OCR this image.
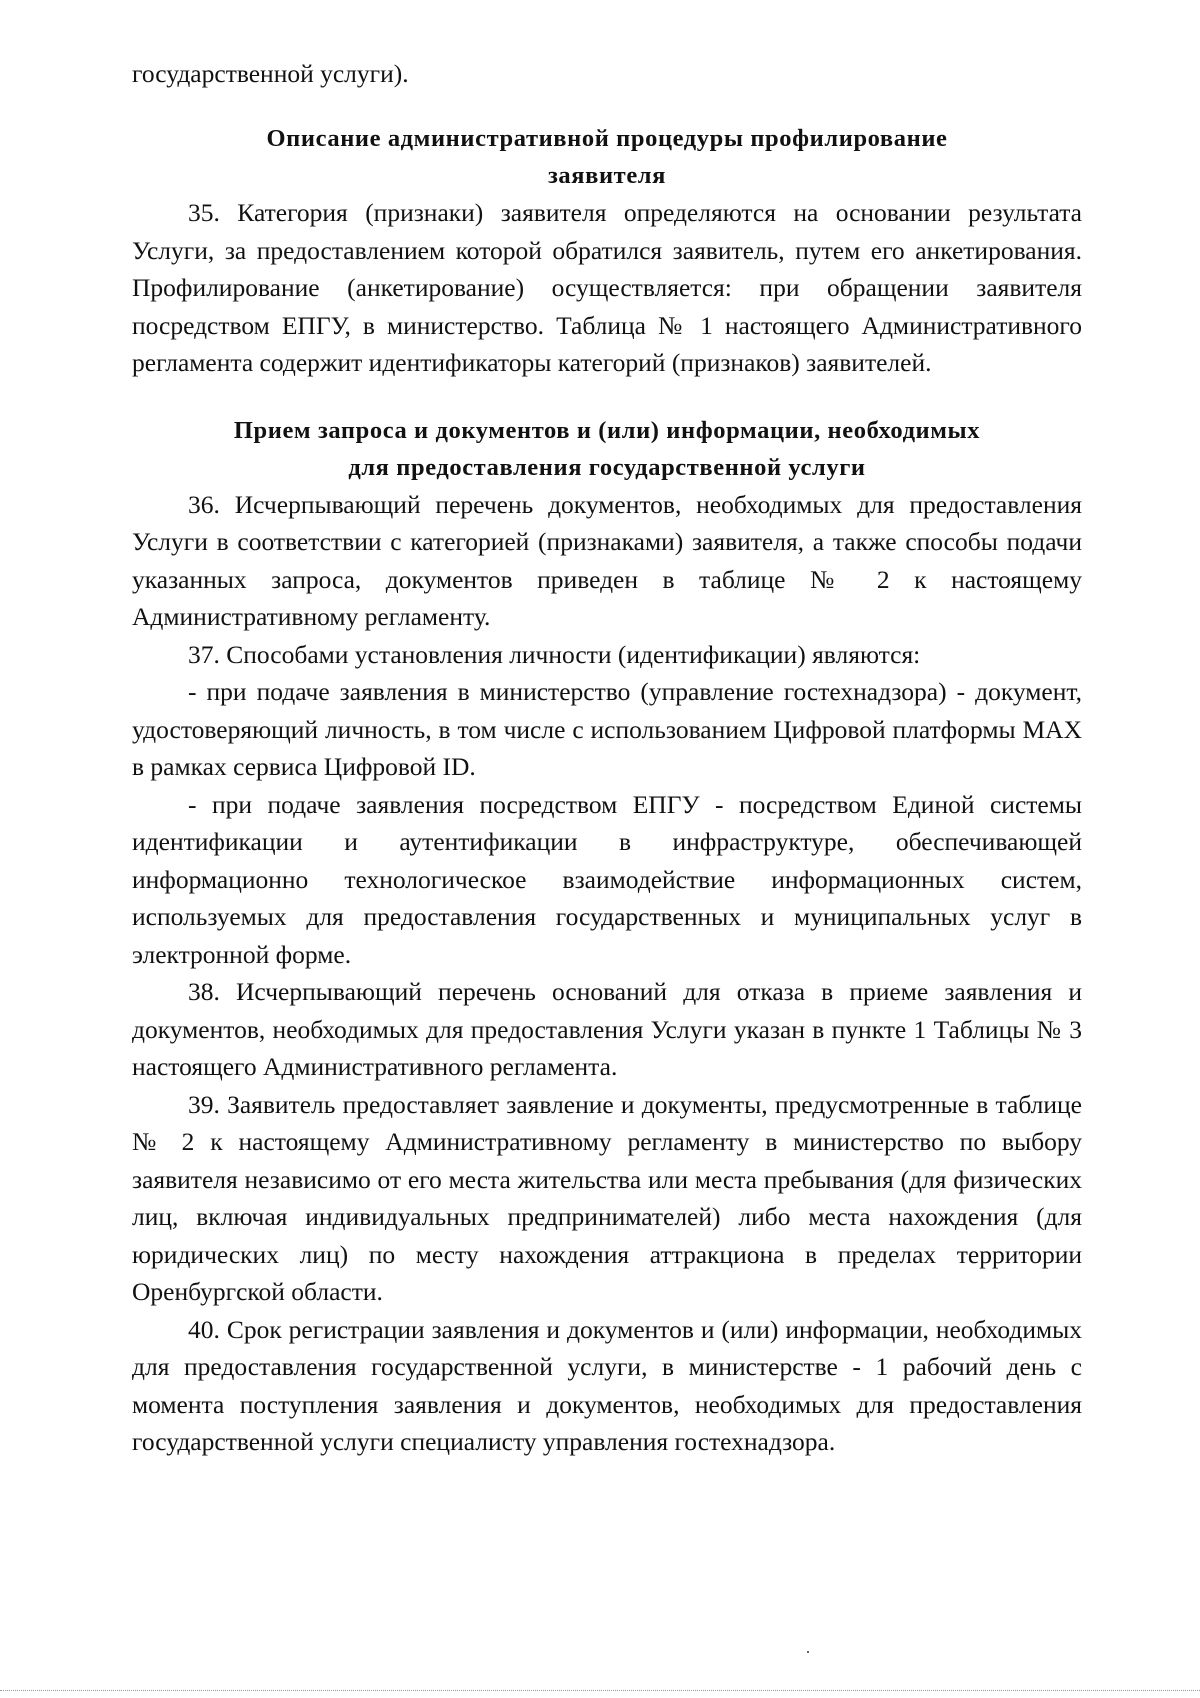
государственной услуги).

Описание административной процедуры профилирование

заявителя

35. Категория (признаки) заявителя определяются на основании результата Услуги, за предоставлением которой обратился заявитель, путем его анкетирования. Профилирование (анкетирование) осуществляется: при обращении заявителя посредством ЕПГУ, в министерство. Таблица № 1 настоящего Административного регламента содержит идентификаторы категорий (признаков) заявителей.

Прием запроса и документов и (или) информации, необходимых

для предоставления государственной услуги

36. Исчерпывающий перечень документов, необходимых для предоставления Услуги в соответствии с категорией (признаками) заявителя, а также способы подачи указанных запроса, документов приведен в таблице № 2 к настоящему Административному регламенту.

37. Способами установления личности (идентификации) являются:

- при подаче заявления в министерство (управление гостехнадзора) - документ, удостоверяющий личность, в том числе с использованием Цифровой платформы МАХ в рамках сервиса Цифровой ID.

- при подаче заявления посредством ЕПГУ - посредством Единой системы идентификации и аутентификации в инфраструктуре, обеспечивающей информационно технологическое взаимодействие информационных систем, используемых для предоставления государственных и муниципальных услуг в электронной форме.

38. Исчерпывающий перечень оснований для отказа в приеме заявления и документов, необходимых для предоставления Услуги указан в пункте 1 Таблицы № 3 настоящего Административного регламента.

39. Заявитель предоставляет заявление и документы, предусмотренные в таблице № 2 к настоящему Административному регламенту в министерство по выбору заявителя независимо от его места жительства или места пребывания (для физических лиц, включая индивидуальных предпринимателей) либо места нахождения (для юридических лиц) по месту нахождения аттракциона в пределах территории Оренбургской области.

40. Срок регистрации заявления и документов и (или) информации, необходимых для предоставления государственной услуги, в министерстве - 1 рабочий день с момента поступления заявления и документов, необходимых для предоставления государственной услуги специалисту управления гостехнадзора.
